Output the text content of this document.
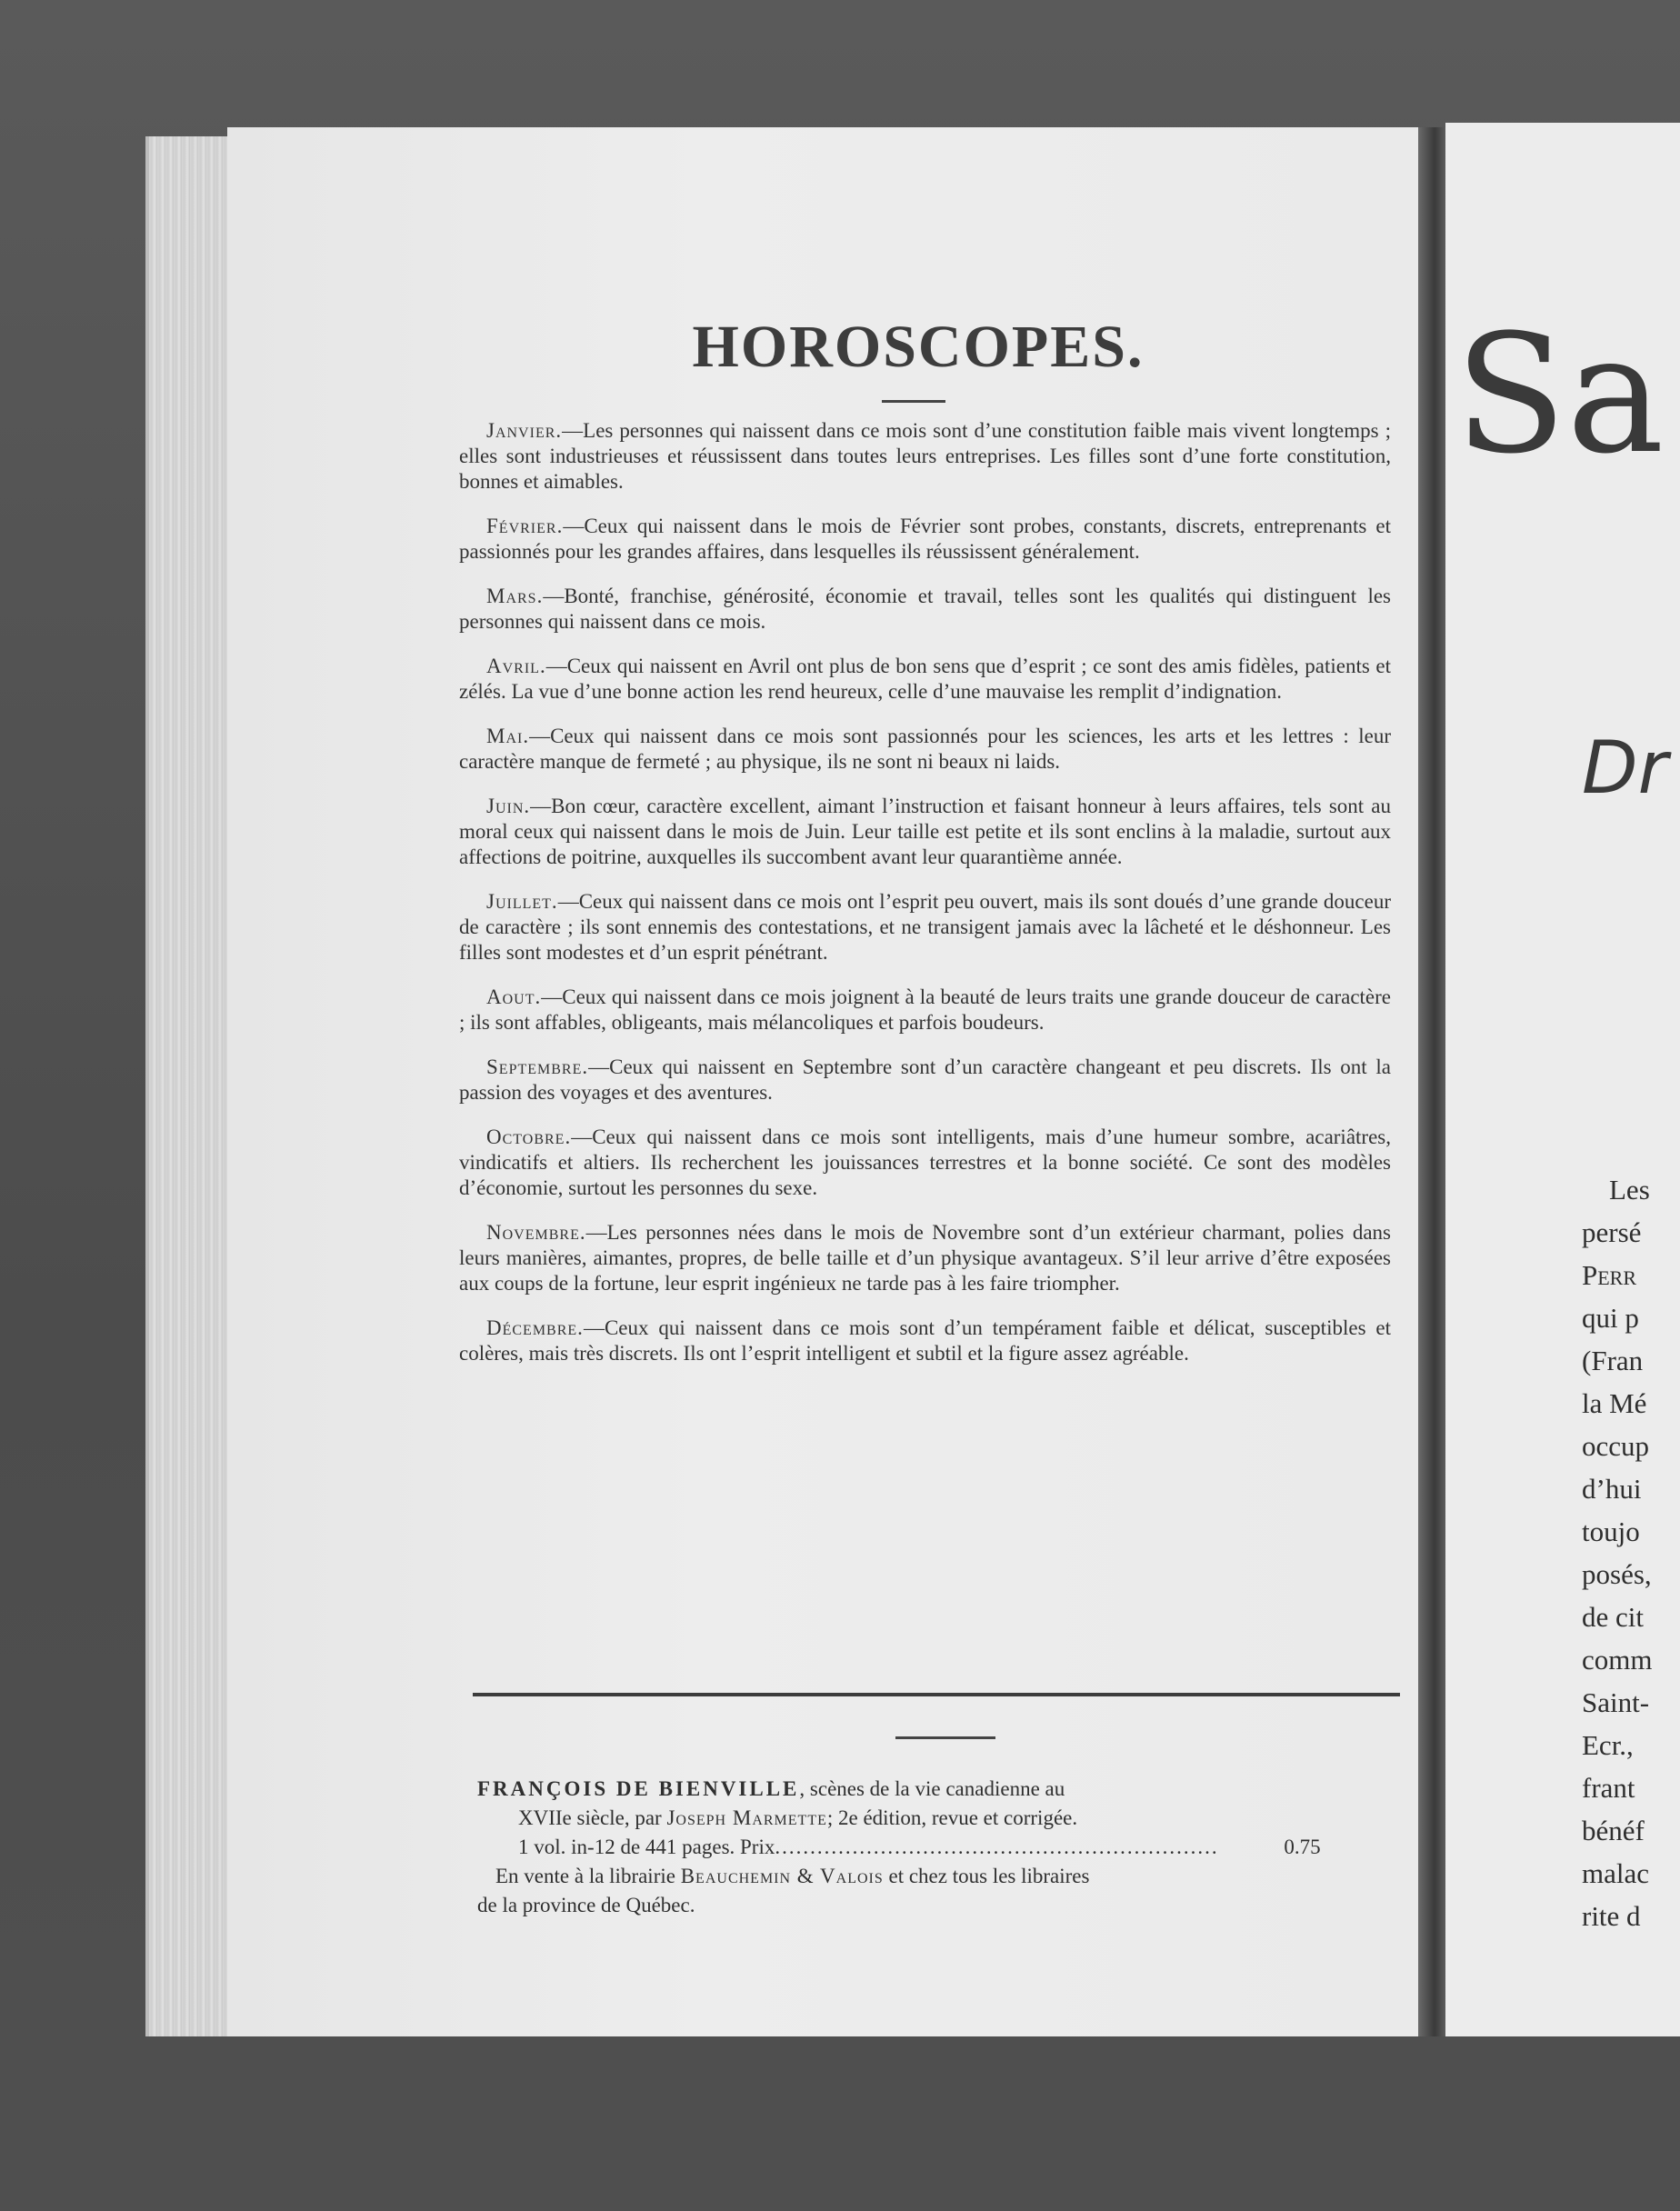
HOROSCOPES.

Janvier.—Les personnes qui naissent dans ce mois sont d’une constitution faible mais vivent longtemps ; elles sont industrieuses et réussissent dans toutes leurs entreprises. Les filles sont d’une forte constitution, bonnes et aimables.

Février.—Ceux qui naissent dans le mois de Février sont probes, constants, discrets, entreprenants et passionnés pour les grandes affaires, dans lesquelles ils réussissent généralement.

Mars.—Bonté, franchise, générosité, économie et travail, telles sont les qualités qui distinguent les personnes qui naissent dans ce mois.

Avril.—Ceux qui naissent en Avril ont plus de bon sens que d’esprit ; ce sont des amis fidèles, patients et zélés. La vue d’une bonne action les rend heureux, celle d’une mauvaise les remplit d’indignation.

Mai.—Ceux qui naissent dans ce mois sont passionnés pour les sciences, les arts et les lettres : leur caractère manque de fermeté ; au physique, ils ne sont ni beaux ni laids.

Juin.—Bon cœur, caractère excellent, aimant l’instruction et faisant honneur à leurs affaires, tels sont au moral ceux qui naissent dans le mois de Juin. Leur taille est petite et ils sont enclins à la maladie, surtout aux affections de poitrine, auxquelles ils succombent avant leur quarantième année.

Juillet.—Ceux qui naissent dans ce mois ont l’esprit peu ouvert, mais ils sont doués d’une grande douceur de caractère ; ils sont ennemis des contestations, et ne transigent jamais avec la lâcheté et le déshonneur. Les filles sont modestes et d’un esprit pénétrant.

Aout.—Ceux qui naissent dans ce mois joignent à la beauté de leurs traits une grande douceur de caractère ; ils sont affables, obligeants, mais mélancoliques et parfois boudeurs.

Septembre.—Ceux qui naissent en Septembre sont d’un caractère changeant et peu discrets. Ils ont la passion des voyages et des aventures.

Octobre.—Ceux qui naissent dans ce mois sont intelligents, mais d’une humeur sombre, acariâtres, vindicatifs et altiers. Ils recherchent les jouissances terrestres et la bonne société. Ce sont des modèles d’économie, surtout les personnes du sexe.

Novembre.—Les personnes nées dans le mois de Novembre sont d’un extérieur charmant, polies dans leurs manières, aimantes, propres, de belle taille et d’un physique avantageux. S’il leur arrive d’être exposées aux coups de la fortune, leur esprit ingénieux ne tarde pas à les faire triompher.

Décembre.—Ceux qui naissent dans ce mois sont d’un tempérament faible et délicat, susceptibles et colères, mais très discrets. Ils ont l’esprit intelligent et subtil et la figure assez agréable.

FRANÇOIS DE BIENVILLE, scènes de la vie canadienne au
XVIIe siècle, par Joseph Marmette; 2e édition, revue et corrigée.
1 vol. in-12 de 441 pages. Prix...............................................................	0.75
En vente à la librairie Beauchemin & Valois et chez tous les libraires
de la province de Québec.
Sa
Dr
Les
persé
Perr
qui p
(Fran
la Mé
occup
d’hui
toujo
posés,
de cit
comm
Saint-
Ecr.,
frant
bénéf
malac
rite d
